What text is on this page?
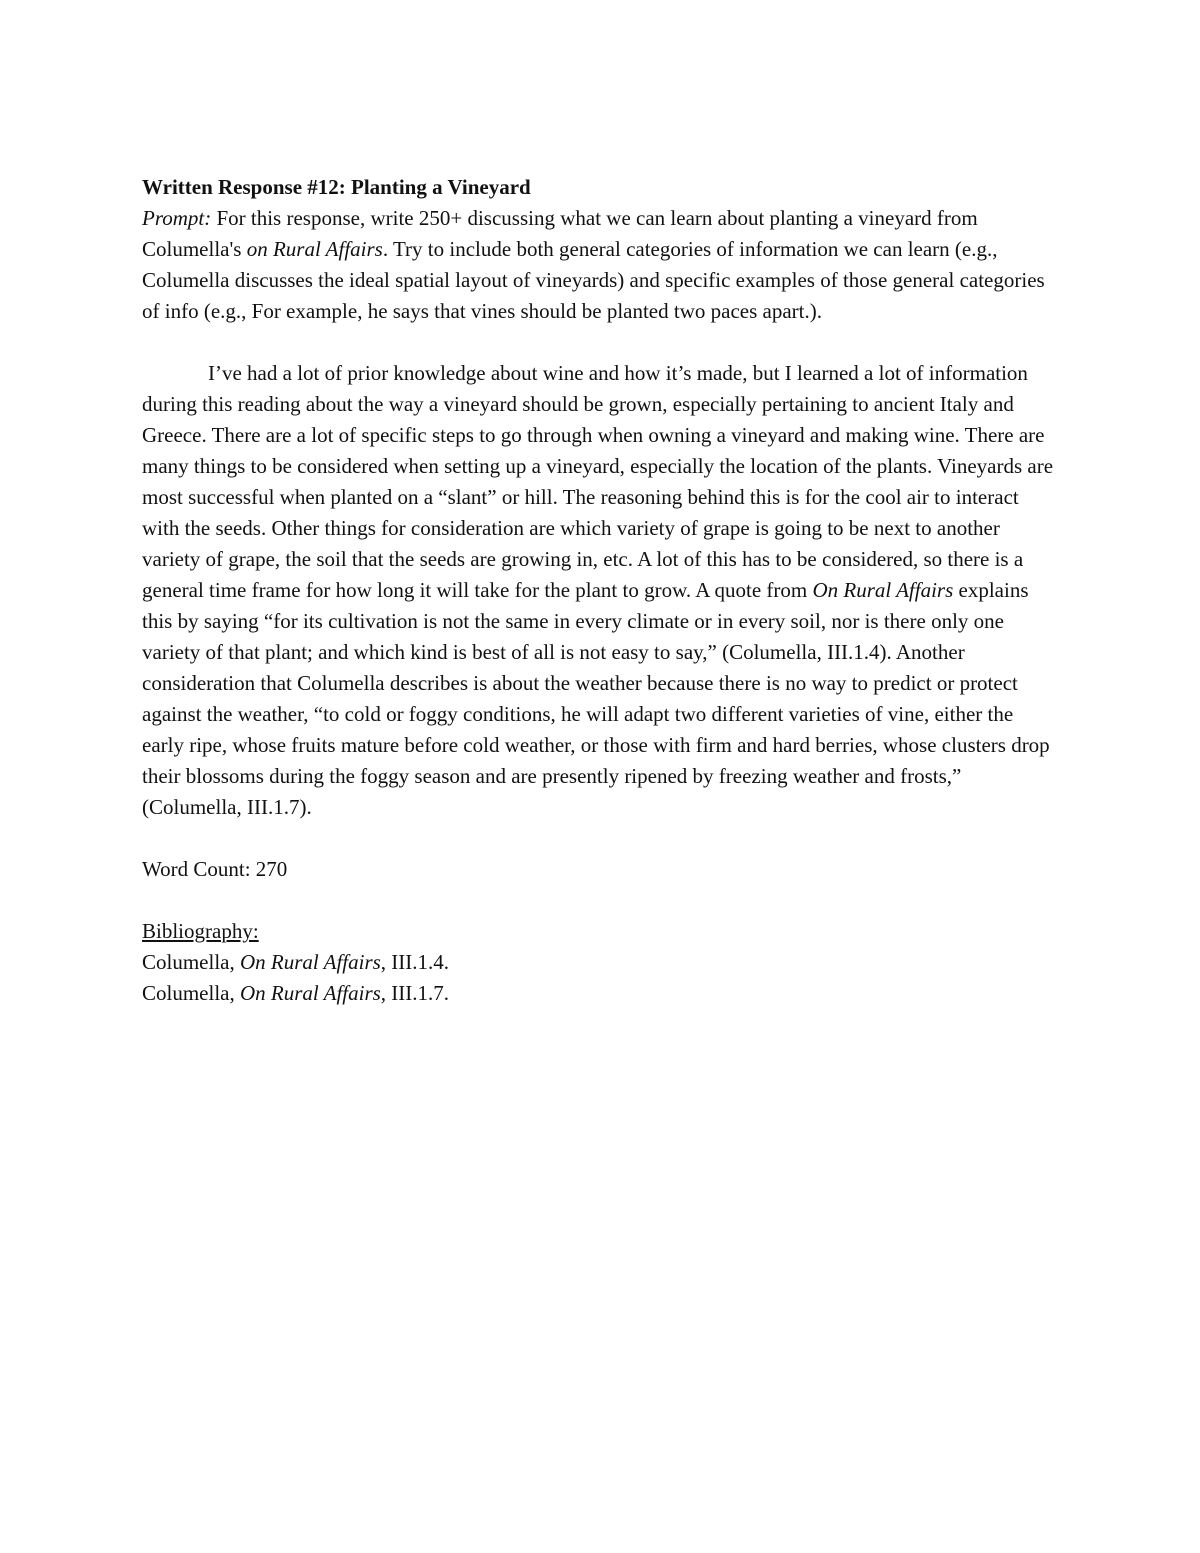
Written Response #12: Planting a Vineyard

Prompt: For this response, write 250+ discussing what we can learn about planting a vineyard from Columella's on Rural Affairs. Try to include both general categories of information we can learn (e.g., Columella discusses the ideal spatial layout of vineyards) and specific examples of those general categories of info (e.g., For example, he says that vines should be planted two paces apart.).

I’ve had a lot of prior knowledge about wine and how it’s made, but I learned a lot of information during this reading about the way a vineyard should be grown, especially pertaining to ancient Italy and Greece. There are a lot of specific steps to go through when owning a vineyard and making wine. There are many things to be considered when setting up a vineyard, especially the location of the plants. Vineyards are most successful when planted on a “slant” or hill. The reasoning behind this is for the cool air to interact with the seeds. Other things for consideration are which variety of grape is going to be next to another variety of grape, the soil that the seeds are growing in, etc. A lot of this has to be considered, so there is a general time frame for how long it will take for the plant to grow. A quote from On Rural Affairs explains this by saying “for its cultivation is not the same in every climate or in every soil, nor is there only one variety of that plant; and which kind is best of all is not easy to say,” (Columella, III.1.4). Another consideration that Columella describes is about the weather because there is no way to predict or protect against the weather, “to cold or foggy conditions, he will adapt two different varieties of vine, either the early ripe, whose fruits mature before cold weather, or those with firm and hard berries, whose clusters drop their blossoms during the foggy season and are presently ripened by freezing weather and frosts,” (Columella, III.1.7).

Word Count: 270

Bibliography:

Columella, On Rural Affairs, III.1.4.

Columella, On Rural Affairs, III.1.7.
